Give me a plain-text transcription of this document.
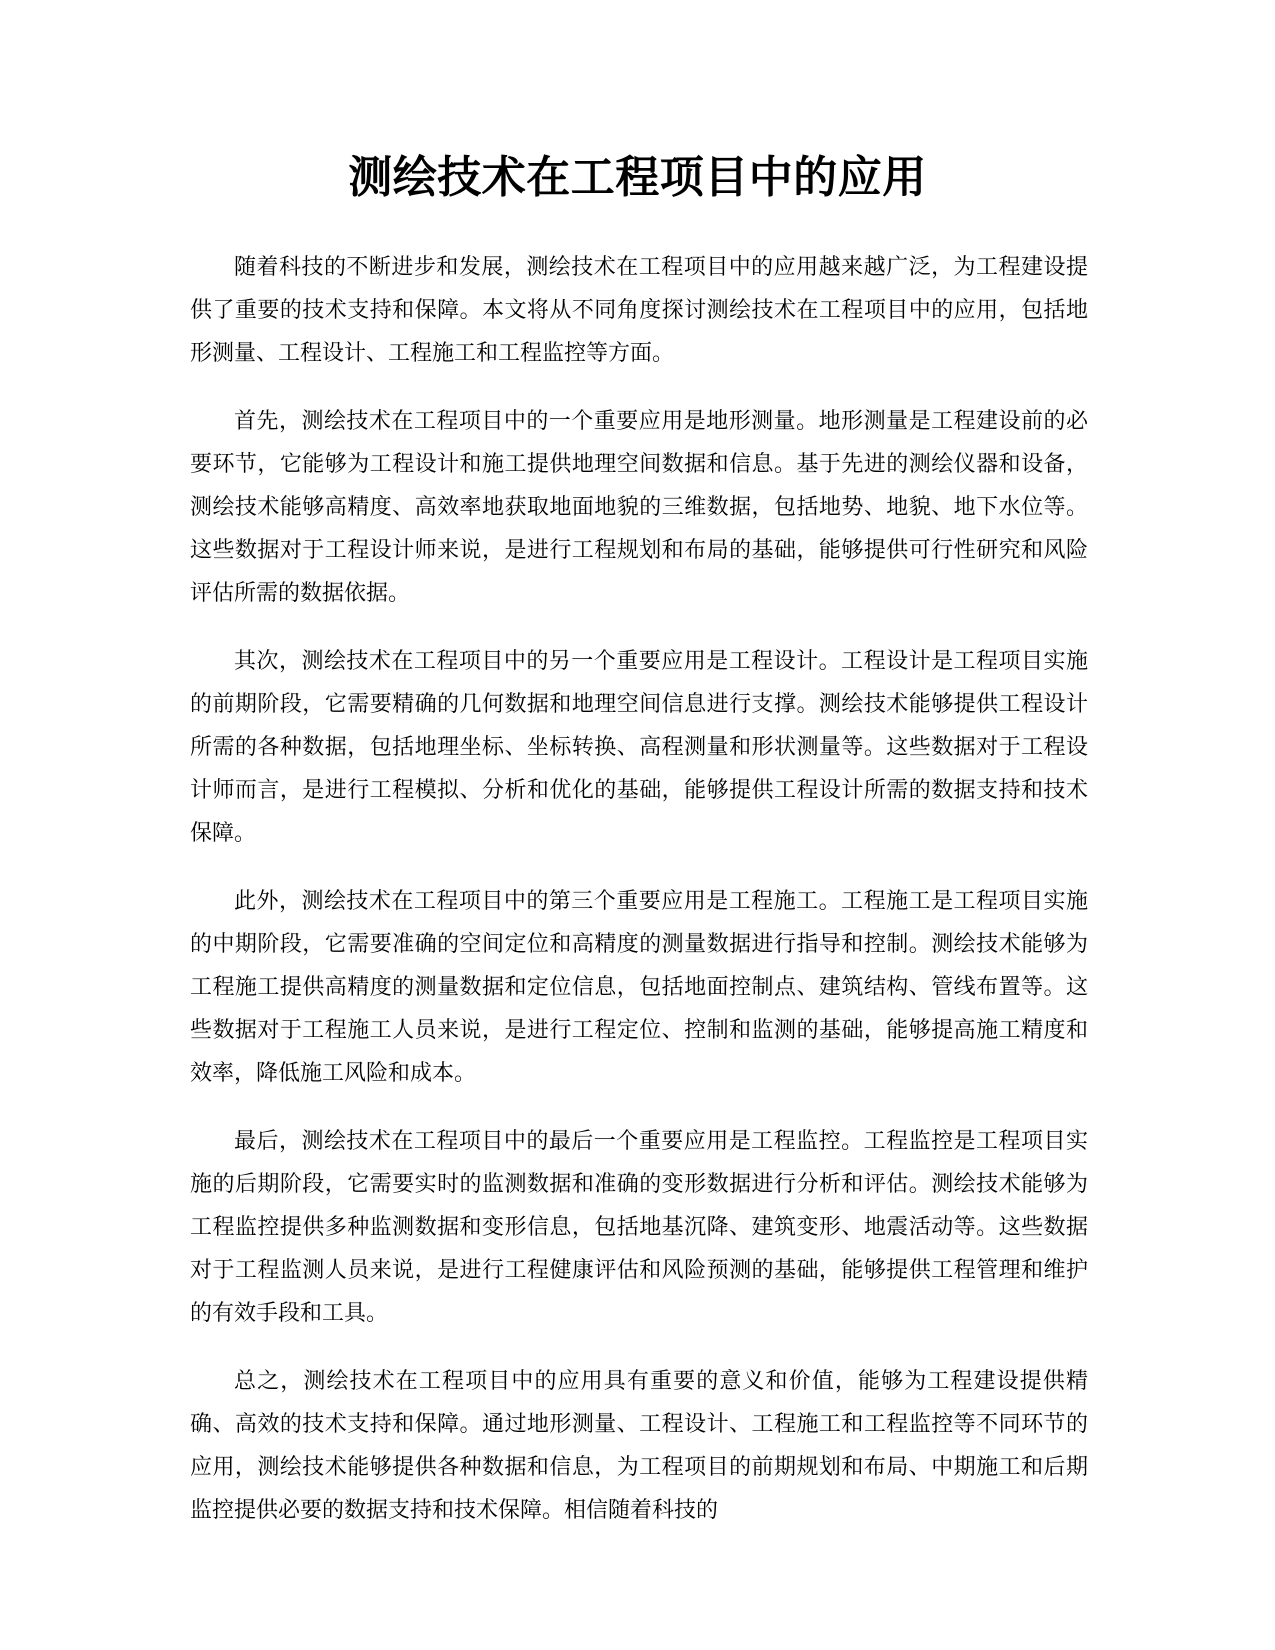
测绘技术在工程项目中的应用

随着科技的不断进步和发展，测绘技术在工程项目中的应用越来越广泛，为工程建设提供了重要的技术支持和保障。本文将从不同角度探讨测绘技术在工程项目中的应用，包括地形测量、工程设计、工程施工和工程监控等方面。

首先，测绘技术在工程项目中的一个重要应用是地形测量。地形测量是工程建设前的必要环节，它能够为工程设计和施工提供地理空间数据和信息。基于先进的测绘仪器和设备，测绘技术能够高精度、高效率地获取地面地貌的三维数据，包括地势、地貌、地下水位等。这些数据对于工程设计师来说，是进行工程规划和布局的基础，能够提供可行性研究和风险评估所需的数据依据。

其次，测绘技术在工程项目中的另一个重要应用是工程设计。工程设计是工程项目实施的前期阶段，它需要精确的几何数据和地理空间信息进行支撑。测绘技术能够提供工程设计所需的各种数据，包括地理坐标、坐标转换、高程测量和形状测量等。这些数据对于工程设计师而言，是进行工程模拟、分析和优化的基础，能够提供工程设计所需的数据支持和技术保障。

此外，测绘技术在工程项目中的第三个重要应用是工程施工。工程施工是工程项目实施的中期阶段，它需要准确的空间定位和高精度的测量数据进行指导和控制。测绘技术能够为工程施工提供高精度的测量数据和定位信息，包括地面控制点、建筑结构、管线布置等。这些数据对于工程施工人员来说，是进行工程定位、控制和监测的基础，能够提高施工精度和效率，降低施工风险和成本。

最后，测绘技术在工程项目中的最后一个重要应用是工程监控。工程监控是工程项目实施的后期阶段，它需要实时的监测数据和准确的变形数据进行分析和评估。测绘技术能够为工程监控提供多种监测数据和变形信息，包括地基沉降、建筑变形、地震活动等。这些数据对于工程监测人员来说，是进行工程健康评估和风险预测的基础，能够提供工程管理和维护的有效手段和工具。

总之，测绘技术在工程项目中的应用具有重要的意义和价值，能够为工程建设提供精确、高效的技术支持和保障。通过地形测量、工程设计、工程施工和工程监控等不同环节的应用，测绘技术能够提供各种数据和信息，为工程项目的前期规划和布局、中期施工和后期监控提供必要的数据支持和技术保障。相信随着科技的
